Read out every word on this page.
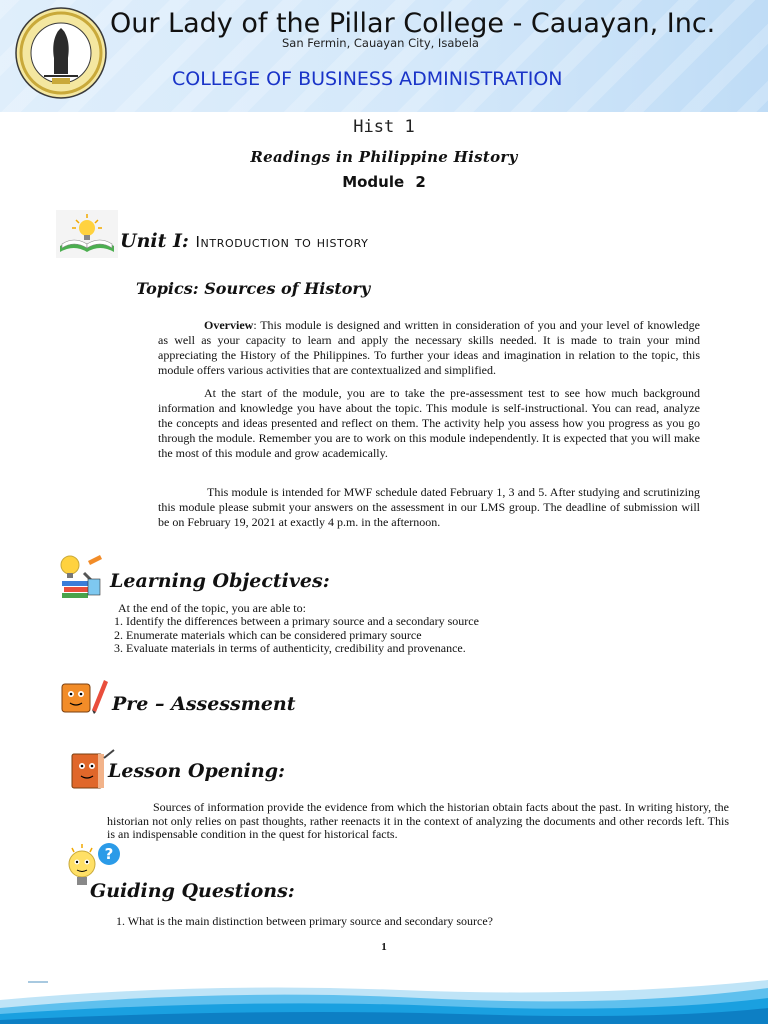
Our Lady of the Pillar College - Cauayan, Inc.
San Fermin, Cauayan City, Isabela
COLLEGE OF BUSINESS ADMINISTRATION
Hist 1
Readings in Philippine History
Module 2
Unit I: Introduction to history
Topics: Sources of History
Overview: This module is designed and written in consideration of you and your level of knowledge as well as your capacity to learn and apply the necessary skills needed. It is made to train your mind appreciating the History of the Philippines. To further your ideas and imagination in relation to the topic, this module offers various activities that are contextualized and simplified.
At the start of the module, you are to take the pre-assessment test to see how much background information and knowledge you have about the topic. This module is self-instructional. You can read, analyze the concepts and ideas presented and reflect on them. The activity help you assess how you progress as you go through the module. Remember you are to work on this module independently. It is expected that you will make the most of this module and grow academically.
This module is intended for MWF schedule dated February 1, 3 and 5. After studying and scrutinizing this module please submit your answers on the assessment in our LMS group. The deadline of submission will be on February 19, 2021 at exactly 4 p.m. in the afternoon.
Learning Objectives:
At the end of the topic, you are able to:
1. Identify the differences between a primary source and a secondary source
2. Enumerate materials which can be considered primary source
3. Evaluate materials in terms of authenticity, credibility and provenance.
Pre – Assessment
Lesson Opening:
Sources of information provide the evidence from which the historian obtain facts about the past. In writing history, the historian not only relies on past thoughts, rather reenacts it in the context of analyzing the documents and other records left. This is an indispensable condition in the quest for historical facts.
?
Guiding Questions:
1. What is the main distinction between primary source and secondary source?
1
